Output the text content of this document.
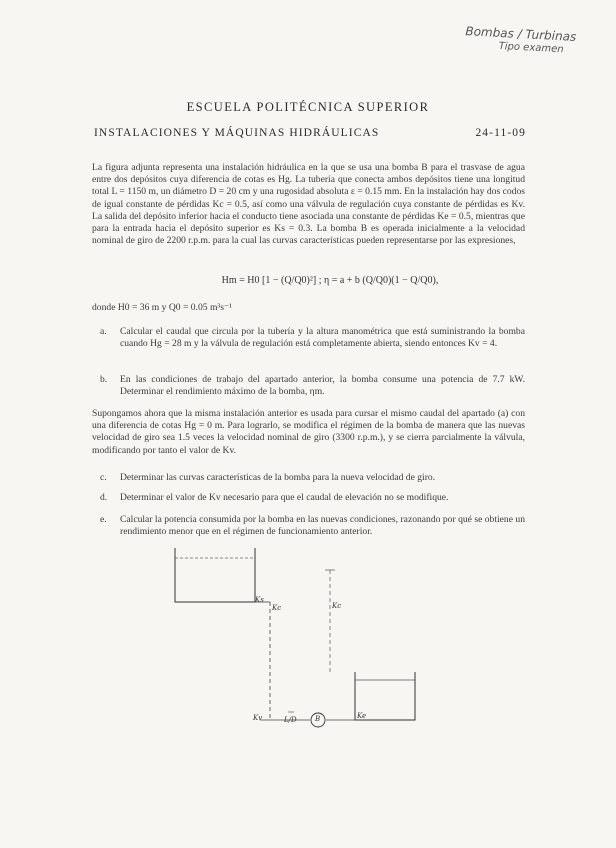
Bombas / Turbinas
Tipo examen
ESCUELA POLITÉCNICA SUPERIOR
INSTALACIONES Y MÁQUINAS HIDRÁULICAS	24-11-09
La figura adjunta representa una instalación hidráulica en la que se usa una bomba B para el trasvase de agua entre dos depósitos cuya diferencia de cotas es Hg. La tubería que conecta ambos depósitos tiene una longitud total L = 1150 m, un diámetro D = 20 cm y una rugosidad absoluta ε = 0.15 mm. En la instalación hay dos codos de igual constante de pérdidas Kc = 0.5, así como una válvula de regulación cuya constante de pérdidas es Kv. La salida del depósito inferior hacia el conducto tiene asociada una constante de pérdidas Ke = 0.5, mientras que para la entrada hacia el depósito superior es Ks = 0.3. La bomba B es operada inicialmente a la velocidad nominal de giro de 2200 r.p.m. para la cual las curvas características pueden representarse por las expresiones,
Hm = H0 [1 − (Q/Q0)²] ; η = a + b (Q/Q0)(1 − Q/Q0),
donde H0 = 36 m y Q0 = 0.05 m³s⁻¹
a.	Calcular el caudal que circula por la tubería y la altura manométrica que está suministrando la bomba cuando Hg = 28 m y la válvula de regulación está completamente abierta, siendo entonces Kv = 4.
b.	En las condiciones de trabajo del apartado anterior, la bomba consume una potencia de 7.7 kW. Determinar el rendimiento máximo de la bomba, ηm.
Supongamos ahora que la misma instalación anterior es usada para cursar el mismo caudal del apartado (a) con una diferencia de cotas Hg = 0 m. Para lograrlo, se modifica el régimen de la bomba de manera que las nuevas velocidad de giro sea 1.5 veces la velocidad nominal de giro (3300 r.p.m.), y se cierra parcialmente la válvula, modificando por tanto el valor de Kv.
c.	Determinar las curvas características de la bomba para la nueva velocidad de giro.
d.	Determinar el valor de Kv necesario para que el caudal de elevación no se modifique.
e.	Calcular la potencia consumida por la bomba en las nuevas condiciones, razonando por qué se obtiene un rendimiento menor que en el régimen de funcionamiento anterior.
Ks
Kc	Kc
Ke
Kv	B
L/D
